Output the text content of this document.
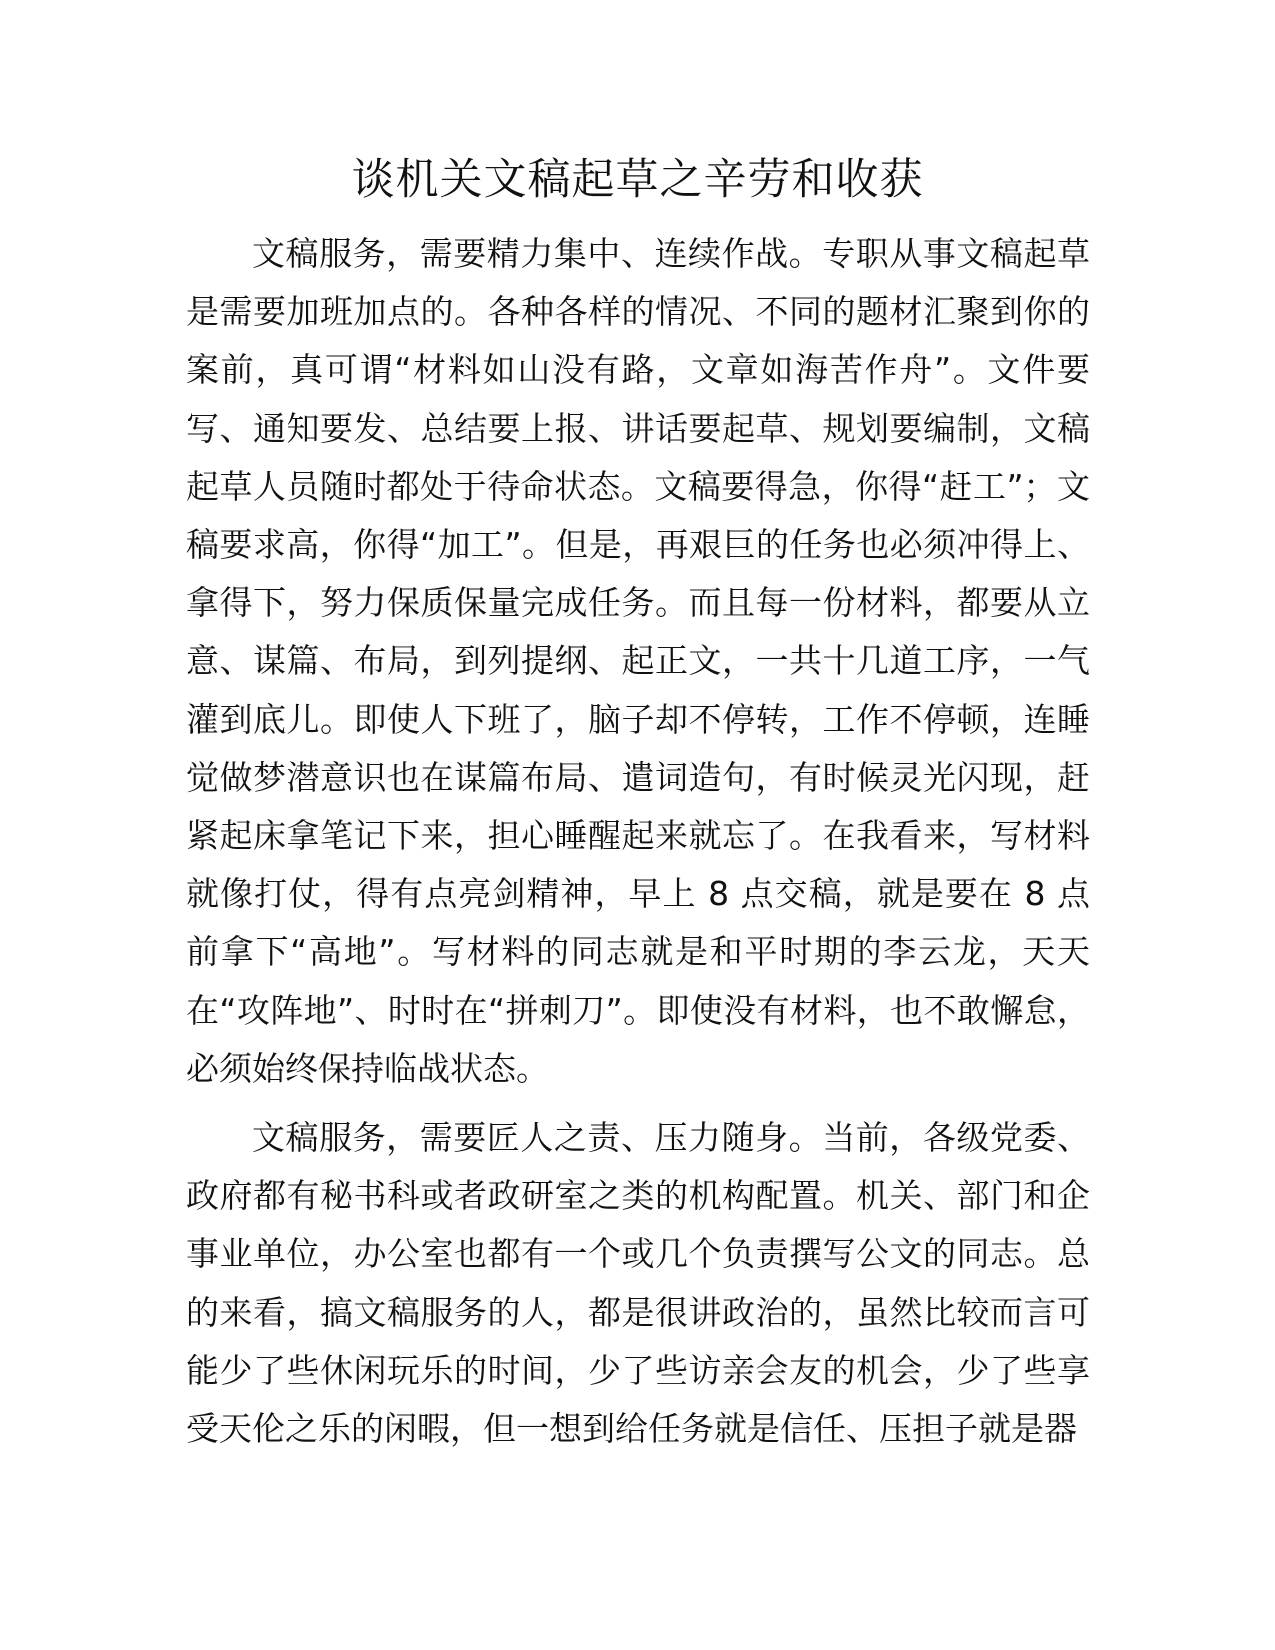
谈机关文稿起草之辛劳和收获

文稿服务，需要精力集中、连续作战。专职从事文稿起草是需要加班加点的。各种各样的情况、不同的题材汇聚到你的案前，真可谓“材料如山没有路，文章如海苦作舟”。文件要写、通知要发、总结要上报、讲话要起草、规划要编制，文稿起草人员随时都处于待命状态。文稿要得急，你得“赶工”；文稿要求高，你得“加工”。但是，再艰巨的任务也必须冲得上、拿得下，努力保质保量完成任务。而且每一份材料，都要从立意、谋篇、布局，到列提纲、起正文，一共十几道工序，一气灌到底儿。即使人下班了，脑子却不停转，工作不停顿，连睡觉做梦潜意识也在谋篇布局、遣词造句，有时候灵光闪现，赶紧起床拿笔记下来，担心睡醒起来就忘了。在我看来，写材料就像打仗，得有点亮剑精神，早上 8 点交稿，就是要在 8 点前拿下“高地”。写材料的同志就是和平时期的李云龙，天天在“攻阵地”、时时在“拼刺刀”。即使没有材料，也不敢懈怠，必须始终保持临战状态。

文稿服务，需要匠人之责、压力随身。当前，各级党委、政府都有秘书科或者政研室之类的机构配置。机关、部门和企事业单位，办公室也都有一个或几个负责撰写公文的同志。总的来看，搞文稿服务的人，都是很讲政治的，虽然比较而言可能少了些休闲玩乐的时间，少了些访亲会友的机会，少了些享受天伦之乐的闲暇，但一想到给任务就是信任、压担子就是器
